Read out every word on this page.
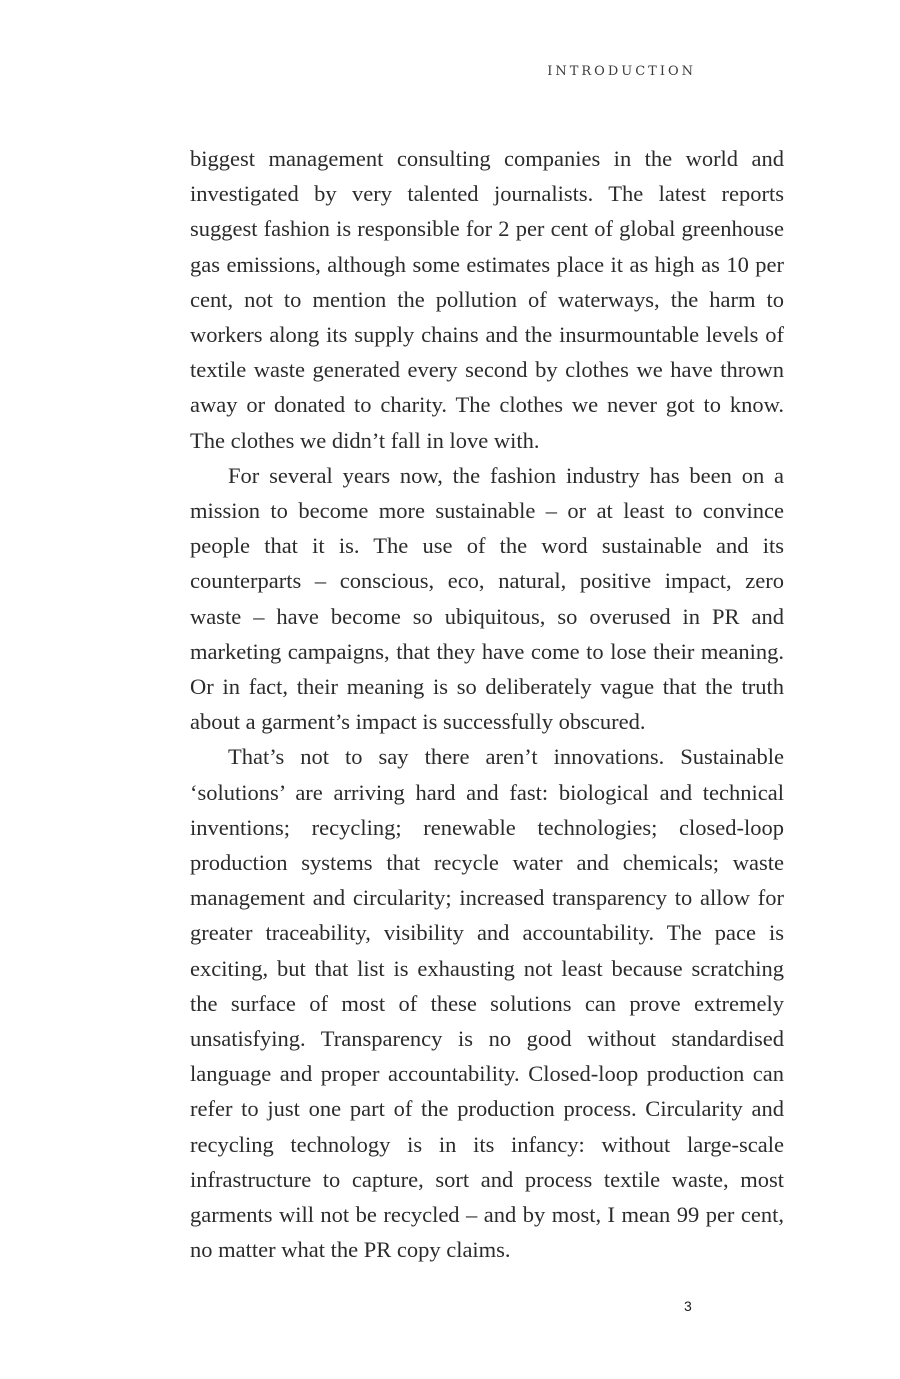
INTRODUCTION

biggest management consulting companies in the world and investigated by very talented journalists. The latest reports suggest fashion is responsible for 2 per cent of global greenhouse gas emissions, although some estimates place it as high as 10 per cent, not to mention the pollution of waterways, the harm to workers along its supply chains and the insurmountable levels of textile waste generated every second by clothes we have thrown away or donated to charity. The clothes we never got to know. The clothes we didn’t fall in love with.

For several years now, the fashion industry has been on a mission to become more sustainable – or at least to convince people that it is. The use of the word sustainable and its counterparts – conscious, eco, natural, positive impact, zero waste – have become so ubiquitous, so overused in PR and marketing campaigns, that they have come to lose their meaning. Or in fact, their meaning is so deliberately vague that the truth about a garment’s impact is successfully obscured.

That’s not to say there aren’t innovations. Sustainable ‘solutions’ are arriving hard and fast: biological and technical inventions; recycling; renewable technologies; closed-loop production systems that recycle water and chemicals; waste management and circularity; increased transparency to allow for greater traceability, visibility and accountability. The pace is exciting, but that list is exhausting not least because scratching the surface of most of these solutions can prove extremely unsatisfying. Transparency is no good without standardised language and proper accountability. Closed-loop production can refer to just one part of the production process. Circularity and recycling technology is in its infancy: without large-scale infrastructure to capture, sort and process textile waste, most garments will not be recycled – and by most, I mean 99 per cent, no matter what the PR copy claims.

3
